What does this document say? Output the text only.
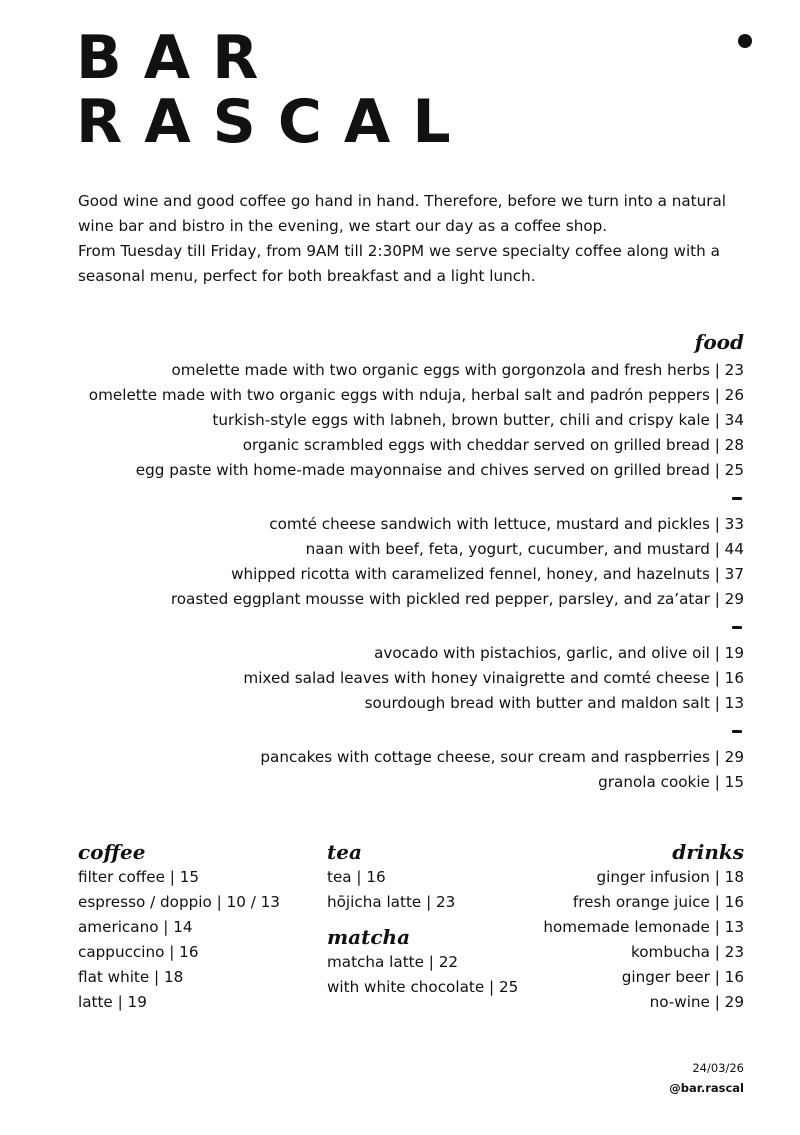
BAR
RASCAL

Good wine and good coffee go hand in hand. Therefore, before we turn into a natural wine bar and bistro in the evening, we start our day as a coffee shop.

From Tuesday till Friday, from 9AM till 2:30PM we serve specialty coffee along with a seasonal menu, perfect for both breakfast and a light lunch.

food
omelette made with two organic eggs with gorgonzola and fresh herbs | 23
omelette made with two organic eggs with nduja, herbal salt and padrón peppers | 26
turkish-style eggs with labneh, brown butter, chili and crispy kale | 34
organic scrambled eggs with cheddar served on grilled bread | 28
egg paste with home-made mayonnaise and chives served on grilled bread | 25
comté cheese sandwich with lettuce, mustard and pickles | 33
naan with beef, feta, yogurt, cucumber, and mustard | 44
whipped ricotta with caramelized fennel, honey, and hazelnuts | 37
roasted eggplant mousse with pickled red pepper, parsley, and za’atar | 29
avocado with pistachios, garlic, and olive oil | 19
mixed salad leaves with honey vinaigrette and comté cheese | 16
sourdough bread with butter and maldon salt | 13
pancakes with cottage cheese, sour cream and raspberries | 29
granola cookie | 15
coffee
filter coffee | 15
espresso / doppio | 10 / 13
americano | 14
cappuccino | 16
flat white | 18
latte | 19
tea
tea | 16
hōjicha latte | 23
matcha
matcha latte | 22
with white chocolate | 25
drinks
ginger infusion | 18
fresh orange juice | 16
homemade lemonade | 13
kombucha | 23
ginger beer | 16
no-wine | 29
24/03/26
@bar.rascal
